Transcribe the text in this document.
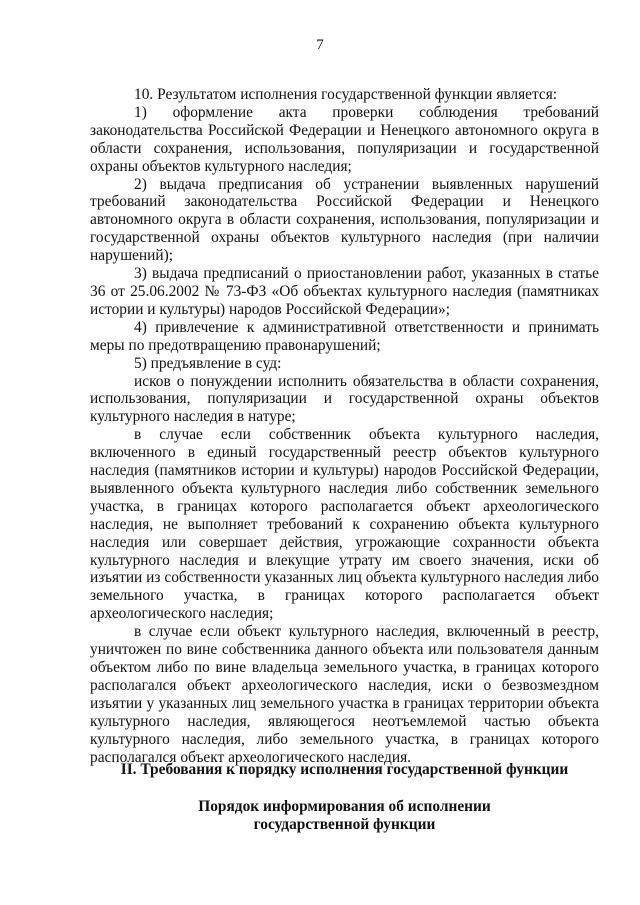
7

10. Результатом исполнения государственной функции является:

1) оформление акта проверки соблюдения требований законодательства Российской Федерации и Ненецкого автономного округа в области сохранения, использования, популяризации и государственной охраны объектов культурного наследия;

2) выдача предписания об устранении выявленных нарушений требований законодательства Российской Федерации и Ненецкого автономного округа в области сохранения, использования, популяризации и государственной охраны объектов культурного наследия (при наличии нарушений);

3) выдача предписаний о приостановлении работ, указанных в статье 36 от 25.06.2002 № 73-ФЗ «Об объектах культурного наследия (памятниках истории и культуры) народов Российской Федерации»;

4) привлечение к административной ответственности и принимать меры по предотвращению правонарушений;

5) предъявление в суд:

исков о понуждении исполнить обязательства в области сохранения, использования, популяризации и государственной охраны объектов культурного наследия в натуре;

в случае если собственник объекта культурного наследия, включенного в единый государственный реестр объектов культурного наследия (памятников истории и культуры) народов Российской Федерации, выявленного объекта культурного наследия либо собственник земельного участка, в границах которого располагается объект археологического наследия, не выполняет требований к сохранению объекта культурного наследия или совершает действия, угрожающие сохранности объекта культурного наследия и влекущие утрату им своего значения, иски об изъятии из собственности указанных лиц объекта культурного наследия либо земельного участка, в границах которого располагается объект археологического наследия;

в случае если объект культурного наследия, включенный в реестр, уничтожен по вине собственника данного объекта или пользователя данным объектом либо по вине владельца земельного участка, в границах которого располагался объект археологического наследия, иски о безвозмездном изъятии у указанных лиц земельного участка в границах территории объекта культурного наследия, являющегося неотъемлемой частью объекта культурного наследия, либо земельного участка, в границах которого располагался объект археологического наследия.

II. Требования к порядку исполнения государственной функции
Порядок информирования об исполнении
государственной функции
